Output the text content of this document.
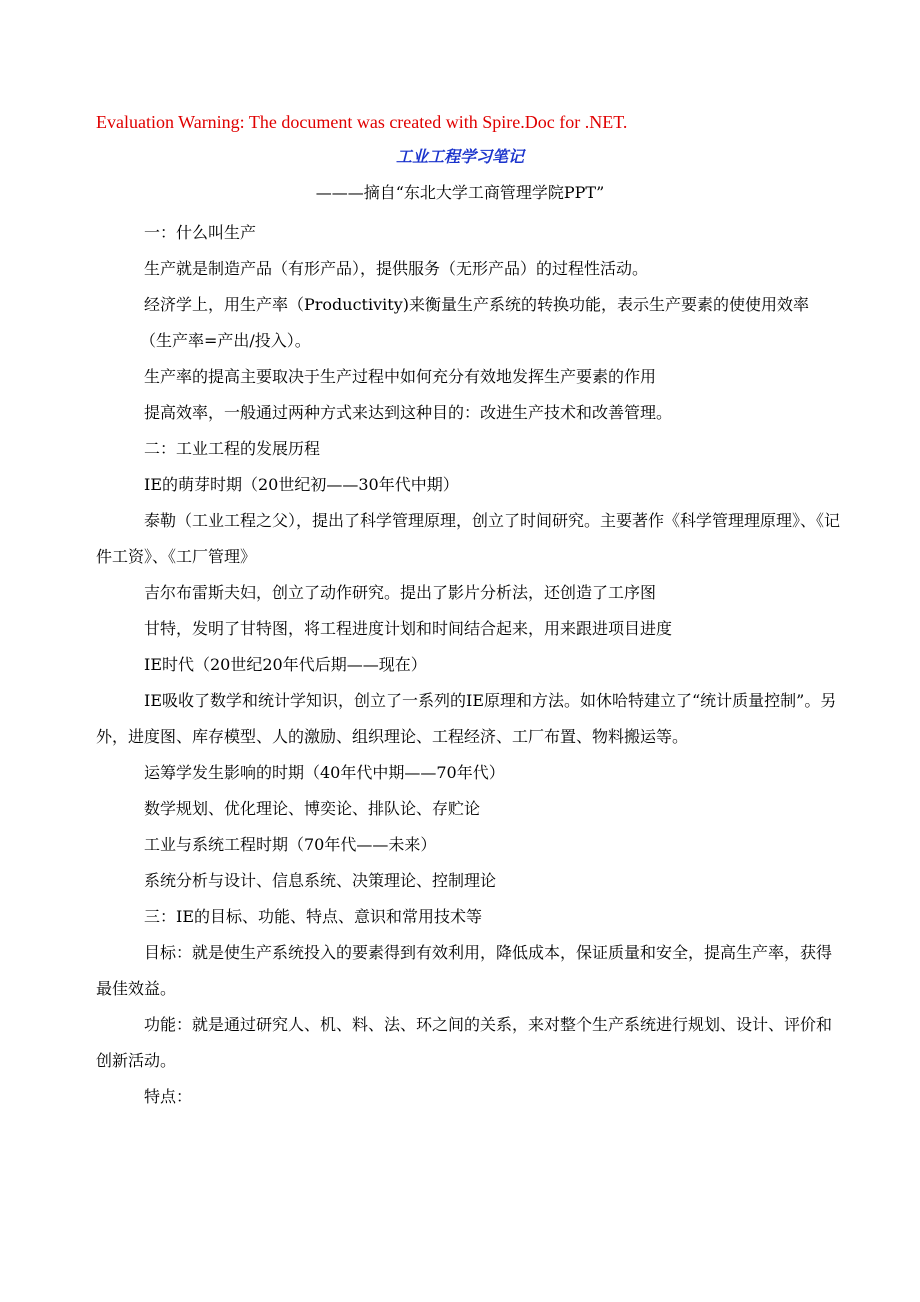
Evaluation Warning: The document was created with Spire.Doc for .NET.
工业工程学习笔记
———摘自“东北大学工商管理学院PPT”

一：什么叫生产

生产就是制造产品（有形产品），提供服务（无形产品）的过程性活动。

经济学上，用生产率（Productivity)来衡量生产系统的转换功能，表示生产要素的使使用效率

（生产率=产出/投入）。

生产率的提高主要取决于生产过程中如何充分有效地发挥生产要素的作用

提高效率，一般通过两种方式来达到这种目的：改进生产技术和改善管理。

二：工业工程的发展历程

IE的萌芽时期（20世纪初——30年代中期）

泰勒（工业工程之父），提出了科学管理原理，创立了时间研究。主要著作《科学管理理原理》、《记件工资》、《工厂管理》

吉尔布雷斯夫妇，创立了动作研究。提出了影片分析法，还创造了工序图

甘特，发明了甘特图，将工程进度计划和时间结合起来，用来跟进项目进度

IE时代（20世纪20年代后期——现在）

IE吸收了数学和统计学知识，创立了一系列的IE原理和方法。如休哈特建立了“统计质量控制”。另外，进度图、库存模型、人的激励、组织理论、工程经济、工厂布置、物料搬运等。

运筹学发生影响的时期（40年代中期——70年代）

数学规划、优化理论、博奕论、排队论、存贮论

工业与系统工程时期（70年代——未来）

系统分析与设计、信息系统、决策理论、控制理论

三：IE的目标、功能、特点、意识和常用技术等

目标：就是使生产系统投入的要素得到有效利用，降低成本，保证质量和安全，提高生产率，获得最佳效益。

功能：就是通过研究人、机、料、法、环之间的关系，来对整个生产系统进行规划、设计、评价和创新活动。

特点：
